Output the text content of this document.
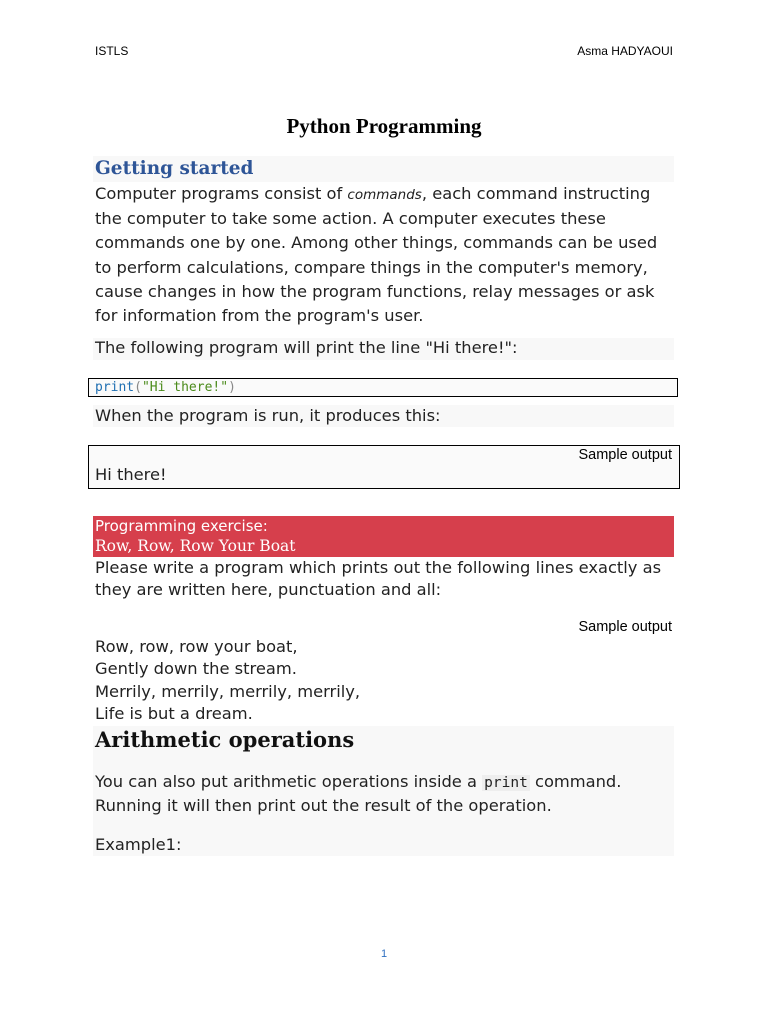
ISTLS	Asma HADYAOUI
Python Programming
Getting started
Computer programs consist of commands, each command instructing the computer to take some action. A computer executes these commands one by one. Among other things, commands can be used to perform calculations, compare things in the computer's memory, cause changes in how the program functions, relay messages or ask for information from the program's user.
The following program will print the line "Hi there!":
print("Hi there!")
When the program is run, it produces this:
Sample output
Hi there!
Programming exercise:
Row, Row, Row Your Boat
Please write a program which prints out the following lines exactly as they are written here, punctuation and all:
Sample output
Row, row, row your boat,
Gently down the stream.
Merrily, merrily, merrily, merrily,
Life is but a dream.
Arithmetic operations
You can also put arithmetic operations inside a print command. Running it will then print out the result of the operation.
Example1:
1
